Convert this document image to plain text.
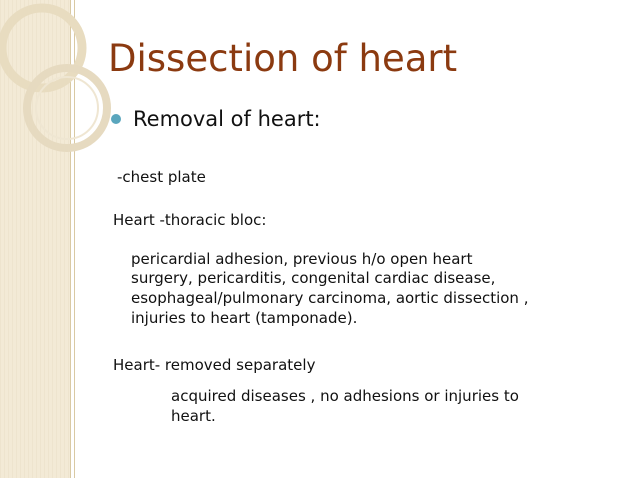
Dissection of heart
Removal of heart:
-chest plate
Heart -thoracic bloc:
pericardial adhesion, previous h/o open heart
surgery, pericarditis, congenital cardiac disease,
esophageal/pulmonary carcinoma, aortic dissection ,
injuries to heart (tamponade).
Heart- removed separately
acquired diseases , no adhesions or injuries to
heart.
